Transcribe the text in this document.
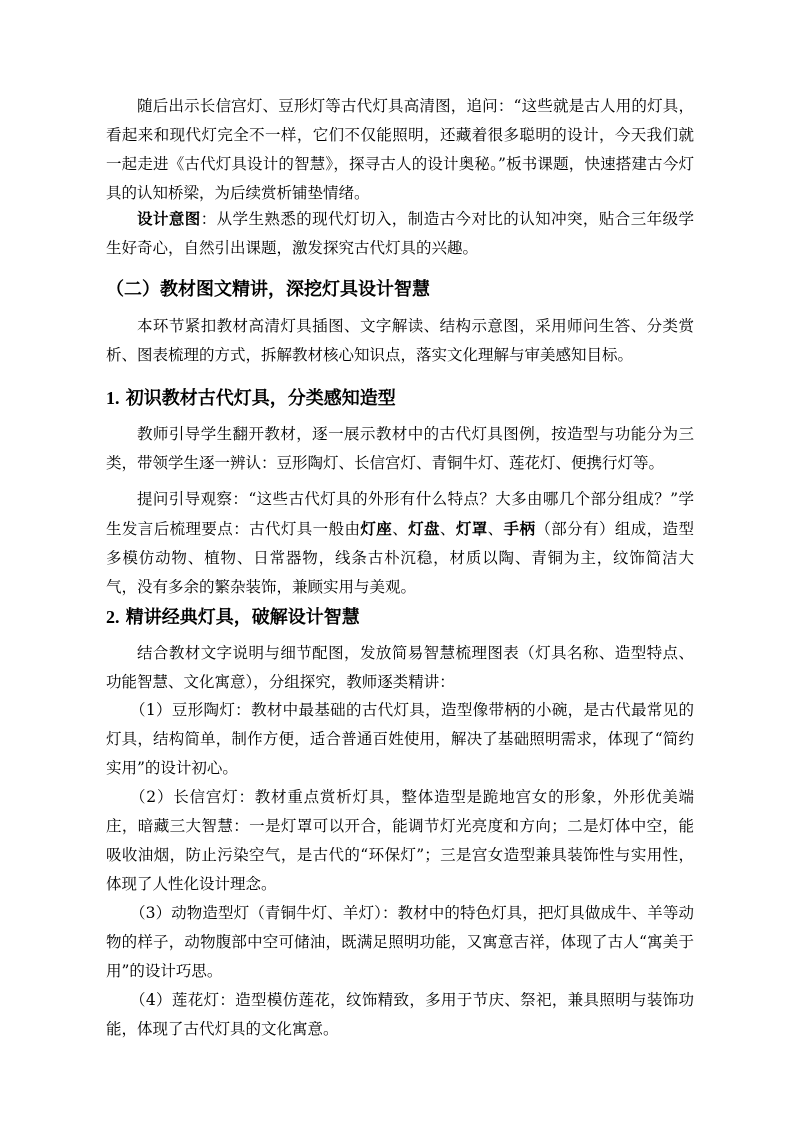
随后出示长信宫灯、豆形灯等古代灯具高清图，追问：“这些就是古人用的灯具，看起来和现代灯完全不一样，它们不仅能照明，还藏着很多聪明的设计，今天我们就一起走进《古代灯具设计的智慧》，探寻古人的设计奥秘。”板书课题，快速搭建古今灯具的认知桥梁，为后续赏析铺垫情绪。

设计意图：从学生熟悉的现代灯切入，制造古今对比的认知冲突，贴合三年级学生好奇心，自然引出课题，激发探究古代灯具的兴趣。

（二）教材图文精讲，深挖灯具设计智慧

本环节紧扣教材高清灯具插图、文字解读、结构示意图，采用师问生答、分类赏析、图表梳理的方式，拆解教材核心知识点，落实文化理解与审美感知目标。

1. 初识教材古代灯具，分类感知造型

教师引导学生翻开教材，逐一展示教材中的古代灯具图例，按造型与功能分为三类，带领学生逐一辨认：豆形陶灯、长信宫灯、青铜牛灯、莲花灯、便携行灯等。

提问引导观察：“这些古代灯具的外形有什么特点？大多由哪几个部分组成？”学生发言后梳理要点：古代灯具一般由灯座、灯盘、灯罩、手柄（部分有）组成，造型多模仿动物、植物、日常器物，线条古朴沉稳，材质以陶、青铜为主，纹饰简洁大气，没有多余的繁杂装饰，兼顾实用与美观。

2. 精讲经典灯具，破解设计智慧

结合教材文字说明与细节配图，发放简易智慧梳理图表（灯具名称、造型特点、功能智慧、文化寓意），分组探究，教师逐类精讲：

（1）豆形陶灯：教材中最基础的古代灯具，造型像带柄的小碗，是古代最常见的灯具，结构简单，制作方便，适合普通百姓使用，解决了基础照明需求，体现了“简约实用”的设计初心。

（2）长信宫灯：教材重点赏析灯具，整体造型是跪地宫女的形象，外形优美端庄，暗藏三大智慧：一是灯罩可以开合，能调节灯光亮度和方向；二是灯体中空，能吸收油烟，防止污染空气，是古代的“环保灯”；三是宫女造型兼具装饰性与实用性，体现了人性化设计理念。

（3）动物造型灯（青铜牛灯、羊灯）：教材中的特色灯具，把灯具做成牛、羊等动物的样子，动物腹部中空可储油，既满足照明功能，又寓意吉祥，体现了古人“寓美于用”的设计巧思。

（4）莲花灯：造型模仿莲花，纹饰精致，多用于节庆、祭祀，兼具照明与装饰功能，体现了古代灯具的文化寓意。
